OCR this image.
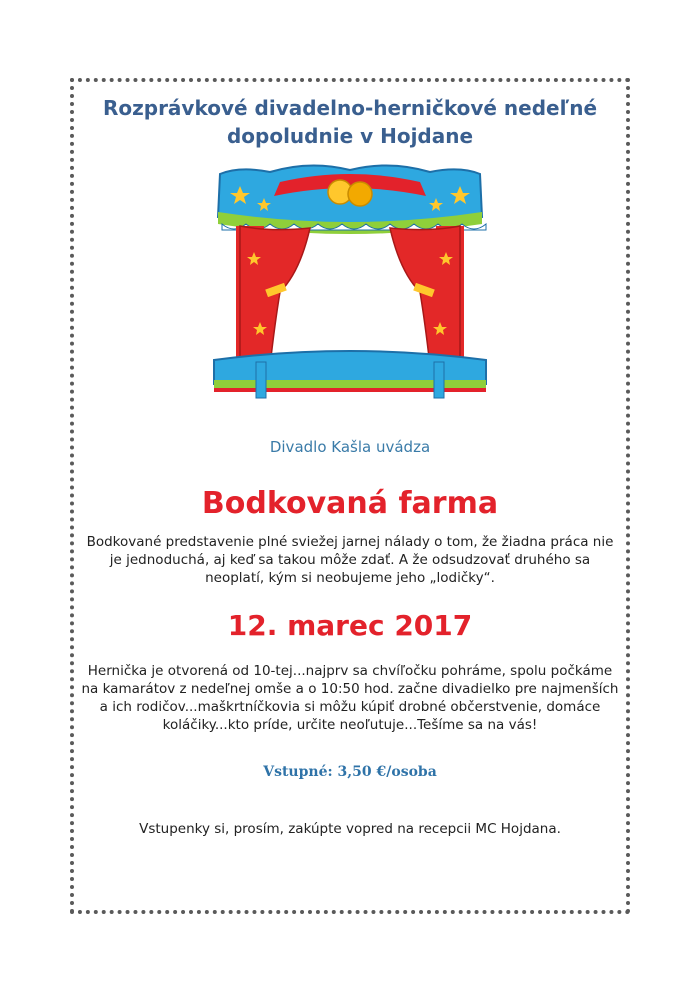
Rozprávkové divadelno-herničkové nedeľné
dopoludnie v Hojdane
Divadlo Kašla uvádza
Bodkovaná farma
Bodkované predstavenie plné sviežej jarnej nálady o tom, že žiadna práca nie
je jednoduchá, aj keď sa takou môže zdať. A že odsudzovať druhého sa
neoplatí, kým si neobujeme jeho „lodičky“.
12. marec 2017
Hernička je otvorená od 10-tej...najprv sa chvíľočku pohráme, spolu počkáme
na kamarátov z nedeľnej omše a o 10:50 hod. začne divadielko pre najmenších
a ich rodičov...maškrtníčkovia si môžu kúpiť drobné občerstvenie, domáce
koláčiky...kto príde, určite neoľutuje...Tešíme sa na vás!
Vstupné: 3,50 €/osoba
Vstupenky si, prosím, zakúpte vopred na recepcii MC Hojdana.
